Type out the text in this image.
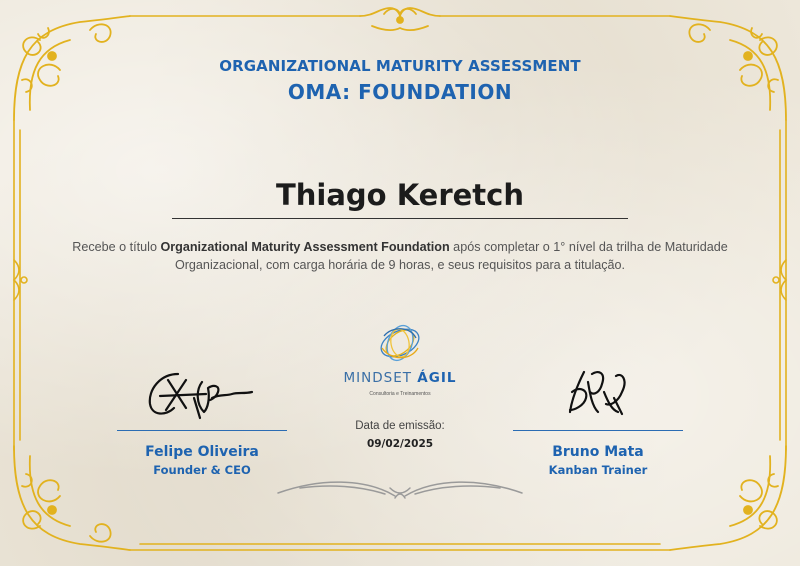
ORGANIZATIONAL MATURITY ASSESSMENT
OMA: FOUNDATION
Thiago Keretch
Recebe o título Organizational Maturity Assessment Foundation após completar o 1° nível da trilha de Maturidade Organizacional, com carga horária de 9 horas, e seus requisitos para a titulação.
MINDSET ÁGIL
Consultoria e Treinamentos
Data de emissão:
09/02/2025
Felipe Oliveira
Founder & CEO
Bruno Mata
Kanban Trainer
